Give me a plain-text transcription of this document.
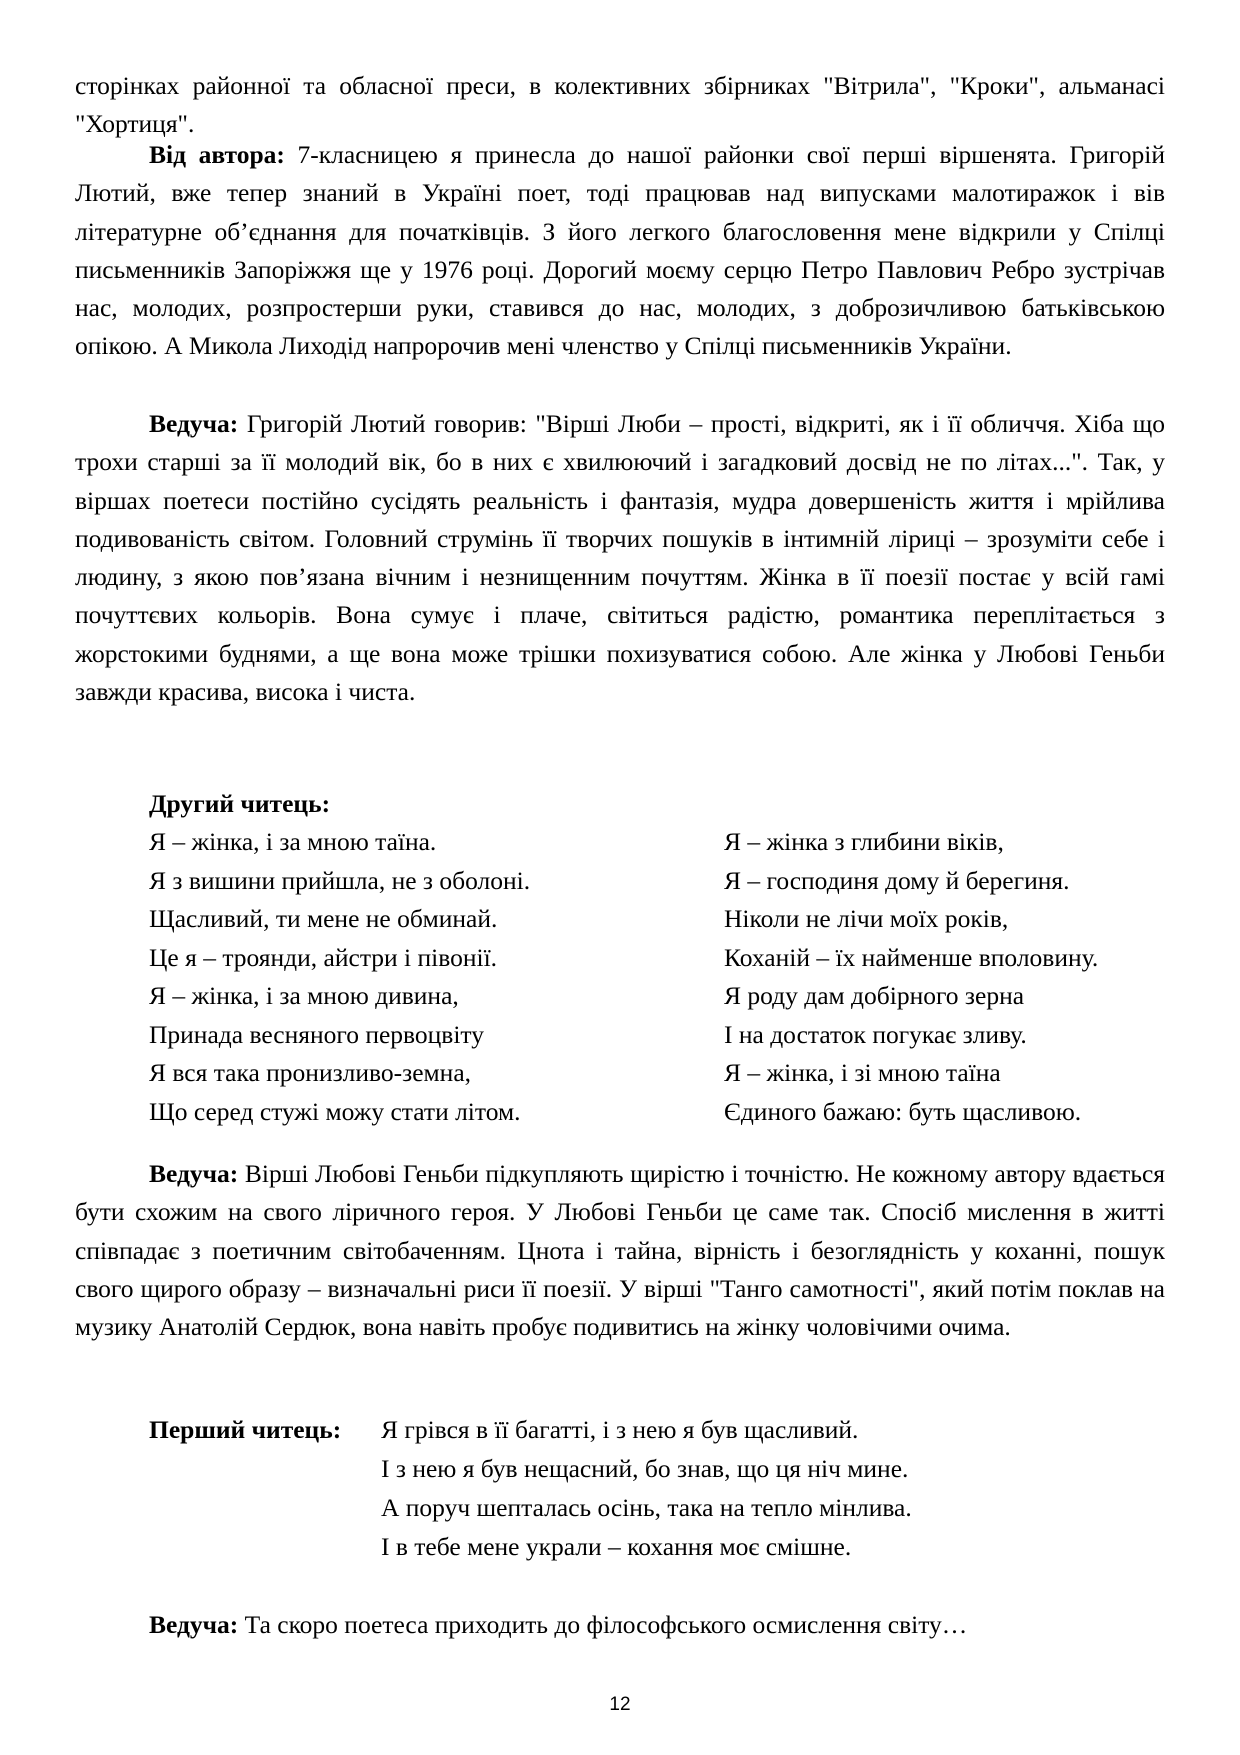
сторінках районної та обласної преси, в колективних збірниках "Вітрила", "Кроки", альманасі "Хортиця".

Від автора: 7-класницею я принесла до нашої районки свої перші віршенята. Григорій Лютий, вже тепер знаний в Україні поет, тоді працював над випусками малотиражок і вів літературне об’єднання для початківців. З його легкого благословення мене відкрили у Спілці письменників Запоріжжя ще у 1976 році. Дорогий моєму серцю Петро Павлович Ребро зустрічав нас, молодих, розпростерши руки, ставився до нас, молодих, з доброзичливою батьківською опікою. А Микола Лиходід напророчив мені членство у Спілці письменників України.

Ведуча: Григорій Лютий говорив: "Вірші Люби – прості, відкриті, як і її обличчя. Хіба що трохи старші за її молодий вік, бо в них є хвилюючий і загадковий досвід не по літах...". Так, у віршах поетеси постійно сусідять реальність і фантазія, мудра довершеність життя і мрійлива подивованість світом. Головний струмінь її творчих пошуків в інтимній ліриці – зрозуміти себе і людину, з якою пов’язана вічним і незнищенним почуттям. Жінка в її поезії постає у всій гамі почуттєвих кольорів. Вона сумує і плаче, світиться радістю, романтика переплітається з жорстокими буднями, а ще вона може трішки похизуватися собою. Але жінка у Любові Геньби завжди красива, висока і чиста.

Другий читець:

Я – жінка, і за мною таїна.
Я з вишини прийшла, не з оболоні.
Щасливий, ти мене не обминай.
Це я – троянди, айстри і півонії.
Я – жінка, і за мною дивина,
Принада весняного первоцвіту
Я вся така пронизливо-земна,
Що серед стужі можу стати літом.
Я – жінка з глибини віків,
Я – господиня дому й берегиня.
Ніколи не лічи моїх років,
Коханій – їх найменше вполовину.
Я роду дам добірного зерна
І на достаток погукає зливу.
Я – жінка, і зі мною таїна
Єдиного бажаю: буть щасливою.

Ведуча: Вірші Любові Геньби підкупляють щирістю і точністю. Не кожному автору вдається бути схожим на свого ліричного героя. У Любові Геньби це саме так. Спосіб мислення в житті співпадає з поетичним світобаченням. Цнота і тайна, вірність і безоглядність у коханні, пошук свого щирого образу – визначальні риси її поезії. У вірші "Танго самотності", який потім поклав на музику Анатолій Сердюк, вона навіть пробує подивитись на жінку чоловічими очима.

Перший читець: Я грівся в її багатті, і з нею я був щасливий.
І з нею я був нещасний, бо знав, що ця ніч мине.
А поруч шепталась осінь, така на тепло мінлива.
І в тебе мене украли – кохання моє смішне.

Ведуча: Та скоро поетеса приходить до філософського осмислення світу…

12
